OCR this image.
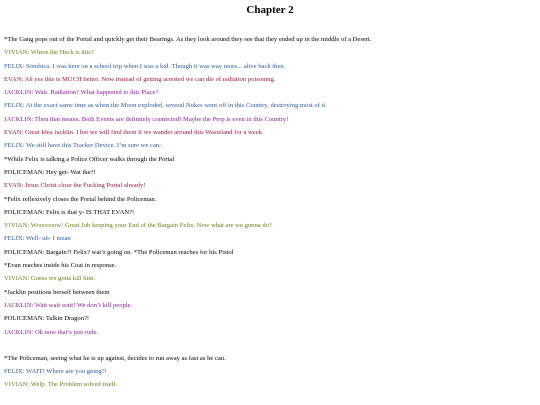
Chapter 2
*The Gang pops out of the Portal and quickly get their Bearings. As they look around they see that they ended up in the middle of a Desert.
VIVIAN: Where the Heck is this?
FELIX: Sombica. I was here on a school trip when I was a kid. Though it was way more... alive back then.
EVAN: Ah yes this is MUCH better. Now instead of getting arrested we can die of radiation poisoning.
JACKLIN: Wait. Radiation? What happened to this Place?
FELIX: At the exact same time as when the Moon exploded, several Nukes went off in this Country, destroying most of it.
JACKLIN: Then that means. Both Events are definitely connected! Maybe the Perp is even in this Country!
EVAN: Great Idea Jacklin. I bet we will find them if we wander around this Wasteland for a week.
FELIX: We still have this Tracker Device. I’m sure we can-
*While Felix is talking a Police Officer walks through the Portal
POLICEMAN: Hey get- Wat the?!
EVAN: Jesus Christ close the Fucking Portal already!
*Felix reflexively closes the Portal behind the Policeman.
POLICEMAN: Felix is that y- IS THAT EVAN?!
VIVIAN: Woooooow! Great Job keeping your End of the Bargain Felix. Now what are we gonna do?
FELIX: Well- uh- I mean
POLICEMAN: Bargain?! Felix? wat’s going on. *The Policeman reaches for his Pistol
*Evan reaches inside his Coat in response.
VIVIAN: Guess we gotta kill him.
*Jacklin positions herself between them
JACKLIN: Wait wait wait! We don’t kill people.
POLICEMAN: Talkin Dragon?!
JACKLIN: Ok now that’s just rude.
*The Policeman, seeing what he is up against, decides to run away as fast as he can.
FELIX: WAIT! Where are you going?!
VIVIAN: Welp. The Problem solved itself.
